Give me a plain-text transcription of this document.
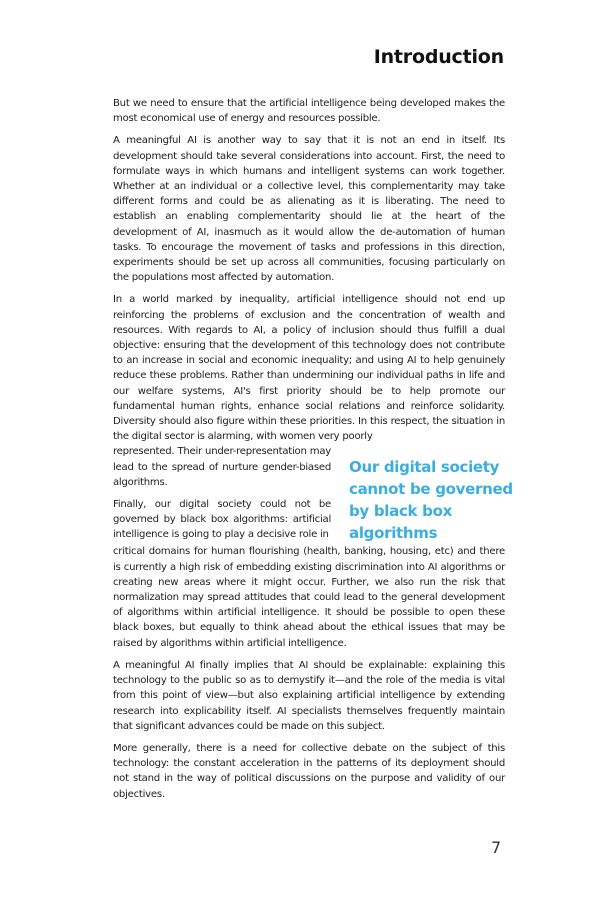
Introduction

But we need to ensure that the artificial intelligence being developed makes the most economical use of energy and resources possible.

A meaningful AI is another way to say that it is not an end in itself. Its development should take several considerations into account. First, the need to formulate ways in which humans and intelligent systems can work together. Whether at an individual or a collective level, this complementarity may take different forms and could be as alienating as it is liberating. The need to establish an enabling complementarity should lie at the heart of the development of AI, inasmuch as it would allow the de-automation of human tasks. To encourage the movement of tasks and professions in this direction, experiments should be set up across all communities, focusing particularly on the populations most affected by automation.

In a world marked by inequality, artificial intelligence should not end up reinforcing the problems of exclusion and the concentration of wealth and resources. With regards to AI, a policy of inclusion should thus fulfill a dual objective: ensuring that the development of this technology does not contribute to an increase in social and economic inequality; and using AI to help genuinely reduce these problems. Rather than undermining our individual paths in life and our welfare systems, AI's first priority should be to help promote our fundamental human rights, enhance social relations and reinforce solidarity. Diversity should also figure within these priorities. In this respect, the situation in the digital sector is alarming, with women very poorly

represented. Their under-representation may lead to the spread of nurture gender-biased algorithms.

Finally, our digital society could not be governed by black box algorithms: artificial intelligence is going to play a decisive role in

Our digital society cannot be governed by black box algorithms

critical domains for human flourishing (health, banking, housing, etc) and there is currently a high risk of embedding existing discrimination into AI algorithms or creating new areas where it might occur. Further, we also run the risk that normalization may spread attitudes that could lead to the general development of algorithms within artificial intelligence. It should be possible to open these black boxes, but equally to think ahead about the ethical issues that may be raised by algorithms within artificial intelligence.

A meaningful AI finally implies that AI should be explainable: explaining this technology to the public so as to demystify it—and the role of the media is vital from this point of view—but also explaining artificial intelligence by extending research into explicability itself. AI specialists themselves frequently maintain that significant advances could be made on this subject.

More generally, there is a need for collective debate on the subject of this technology: the constant acceleration in the patterns of its deployment should not stand in the way of political discussions on the purpose and validity of our objectives.

7
